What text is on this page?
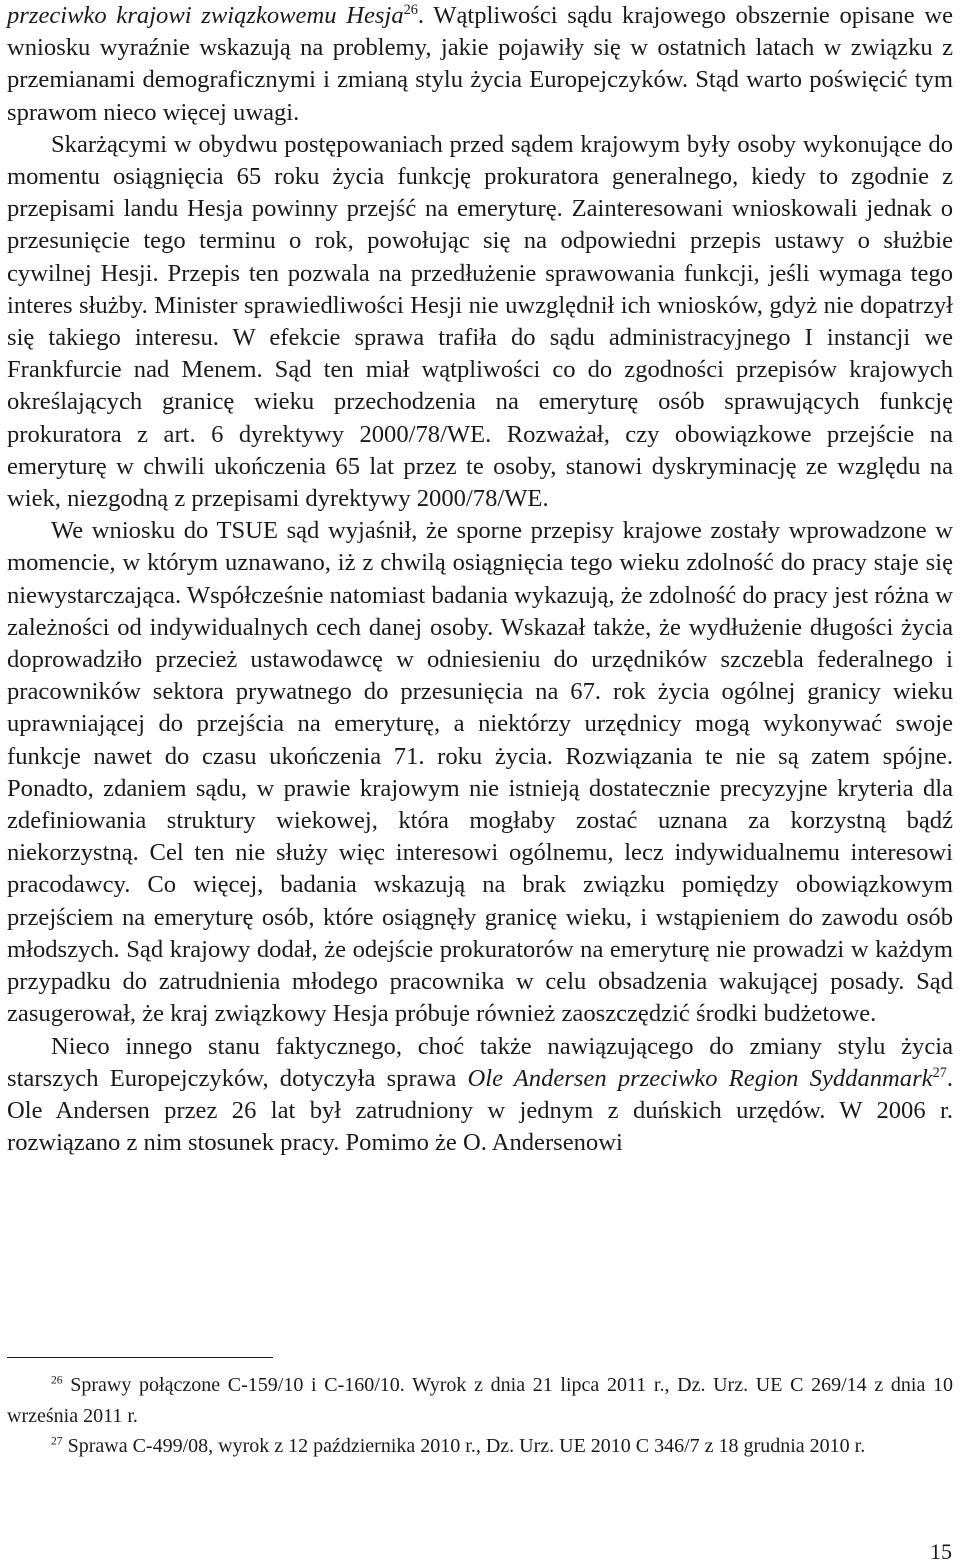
przeciwko krajowi związkowemu Hesja$^{26}$. Wątpliwości sądu krajowego obszernie opisane we wniosku wyraźnie wskazują na problemy, jakie pojawiły się w ostatnich latach w związku z przemianami demograficznymi i zmianą stylu życia Europejczyków. Stąd warto poświęcić tym sprawom nieco więcej uwagi.

Skarżącymi w obydwu postępowaniach przed sądem krajowym były osoby wykonujące do momentu osiągnięcia 65 roku życia funkcję prokuratora generalnego, kiedy to zgodnie z przepisami landu Hesja powinny przejść na emeryturę. Zainteresowani wnioskowali jednak o przesunięcie tego terminu o rok, powołując się na odpowiedni przepis ustawy o służbie cywilnej Hesji. Przepis ten pozwala na przedłużenie sprawowania funkcji, jeśli wymaga tego interes służby. Minister sprawiedliwości Hesji nie uwzględnił ich wniosków, gdyż nie dopatrzył się takiego interesu. W efekcie sprawa trafiła do sądu administracyjnego I instancji we Frankfurcie nad Menem. Sąd ten miał wątpliwości co do zgodności przepisów krajowych określających granicę wieku przechodzenia na emeryturę osób sprawujących funkcję prokuratora z art. 6 dyrektywy 2000/78/WE. Rozważał, czy obowiązkowe przejście na emeryturę w chwili ukończenia 65 lat przez te osoby, stanowi dyskryminację ze względu na wiek, niezgodną z przepisami dyrektywy 2000/78/WE.

We wniosku do TSUE sąd wyjaśnił, że sporne przepisy krajowe zostały wprowadzone w momencie, w którym uznawano, iż z chwilą osiągnięcia tego wieku zdolność do pracy staje się niewystarczająca. Współcześnie natomiast badania wykazują, że zdolność do pracy jest różna w zależności od indywidualnych cech danej osoby. Wskazał także, że wydłużenie długości życia doprowadziło przecież ustawodawcę w odniesieniu do urzędników szczebla federalnego i pracowników sektora prywatnego do przesunięcia na 67. rok życia ogólnej granicy wieku uprawniającej do przejścia na emeryturę, a niektórzy urzędnicy mogą wykonywać swoje funkcje nawet do czasu ukończenia 71. roku życia. Rozwiązania te nie są zatem spójne. Ponadto, zdaniem sądu, w prawie krajowym nie istnieją dostatecznie precyzyjne kryteria dla zdefiniowania struktury wiekowej, która mogłaby zostać uznana za korzystną bądź niekorzystną. Cel ten nie służy więc interesowi ogólnemu, lecz indywidualnemu interesowi pracodawcy. Co więcej, badania wskazują na brak związku pomiędzy obowiązkowym przejściem na emeryturę osób, które osiągnęły granicę wieku, i wstąpieniem do zawodu osób młodszych. Sąd krajowy dodał, że odejście prokuratorów na emeryturę nie prowadzi w każdym przypadku do zatrudnienia młodego pracownika w celu obsadzenia wakującej posady. Sąd zasugerował, że kraj związkowy Hesja próbuje również zaoszczędzić środki budżetowe.

Nieco innego stanu faktycznego, choć także nawiązującego do zmiany stylu życia starszych Europejczyków, dotyczyła sprawa Ole Andersen przeciwko Region Syddanmark$^{27}$. Ole Andersen przez 26 lat był zatrudniony w jednym z duńskich urzędów. W 2006 r. rozwiązano z nim stosunek pracy. Pomimo że O. Andersenowi

$^{26}$ Sprawy połączone C-159/10 i C-160/10. Wyrok z dnia 21 lipca 2011 r., Dz. Urz. UE C 269/14 z dnia 10 września 2011 r.

$^{27}$ Sprawa C-499/08, wyrok z 12 października 2010 r., Dz. Urz. UE 2010 C 346/7 z 18 grudnia 2010 r.

15
